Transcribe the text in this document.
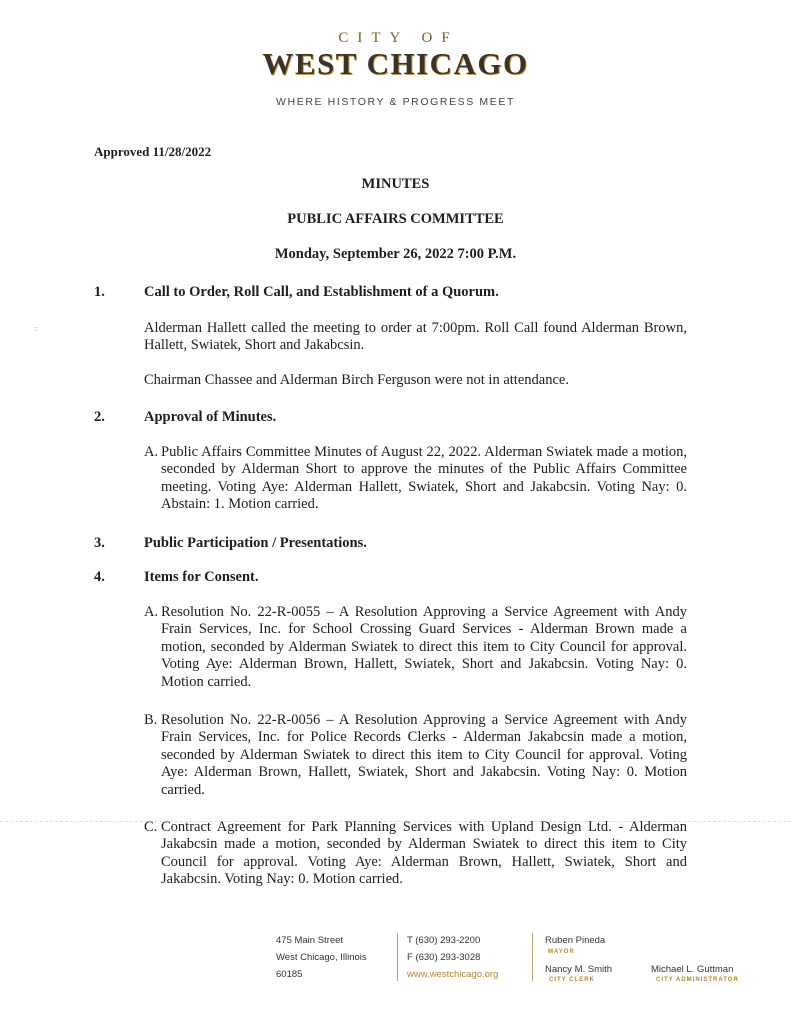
CITY OF
WEST CHICAGO
WHERE HISTORY & PROGRESS MEET
::
Approved 11/28/2022
MINUTES
PUBLIC AFFAIRS COMMITTEE
Monday, September 26, 2022 7:00 P.M.
1.	Call to Order, Roll Call, and Establishment of a Quorum.
Alderman Hallett called the meeting to order at 7:00pm. Roll Call found Alderman Brown, Hallett, Swiatek, Short and Jakabcsin.
Chairman Chassee and Alderman Birch Ferguson were not in attendance.
2.	Approval of Minutes.
A. Public Affairs Committee Minutes of August 22, 2022. Alderman Swiatek made a motion, seconded by Alderman Short to approve the minutes of the Public Affairs Committee meeting. Voting Aye: Alderman Hallett, Swiatek, Short and Jakabcsin. Voting Nay: 0. Abstain: 1. Motion carried.
3.	Public Participation / Presentations.
4.	Items for Consent.
A. Resolution No. 22-R-0055 – A Resolution Approving a Service Agreement with Andy Frain Services, Inc. for School Crossing Guard Services - Alderman Brown made a motion, seconded by Alderman Swiatek to direct this item to City Council for approval. Voting Aye: Alderman Brown, Hallett, Swiatek, Short and Jakabcsin. Voting Nay: 0. Motion carried.
B. Resolution No. 22-R-0056 – A Resolution Approving a Service Agreement with Andy Frain Services, Inc. for Police Records Clerks - Alderman Jakabcsin made a motion, seconded by Alderman Swiatek to direct this item to City Council for approval. Voting Aye: Alderman Brown, Hallett, Swiatek, Short and Jakabcsin. Voting Nay: 0. Motion carried.
C. Contract Agreement for Park Planning Services with Upland Design Ltd. - Alderman Jakabcsin made a motion, seconded by Alderman Swiatek to direct this item to City Council for approval. Voting Aye: Alderman Brown, Hallett, Swiatek, Short and Jakabcsin. Voting Nay: 0. Motion carried.
475 Main Street
West Chicago, Illinois
60185
T (630) 293-2200
F (630) 293-3028
www.westchicago.org
Ruben Pineda
MAYOR
Nancy M. Smith
CITY CLERK
Michael L. Guttman
CITY ADMINISTRATOR
